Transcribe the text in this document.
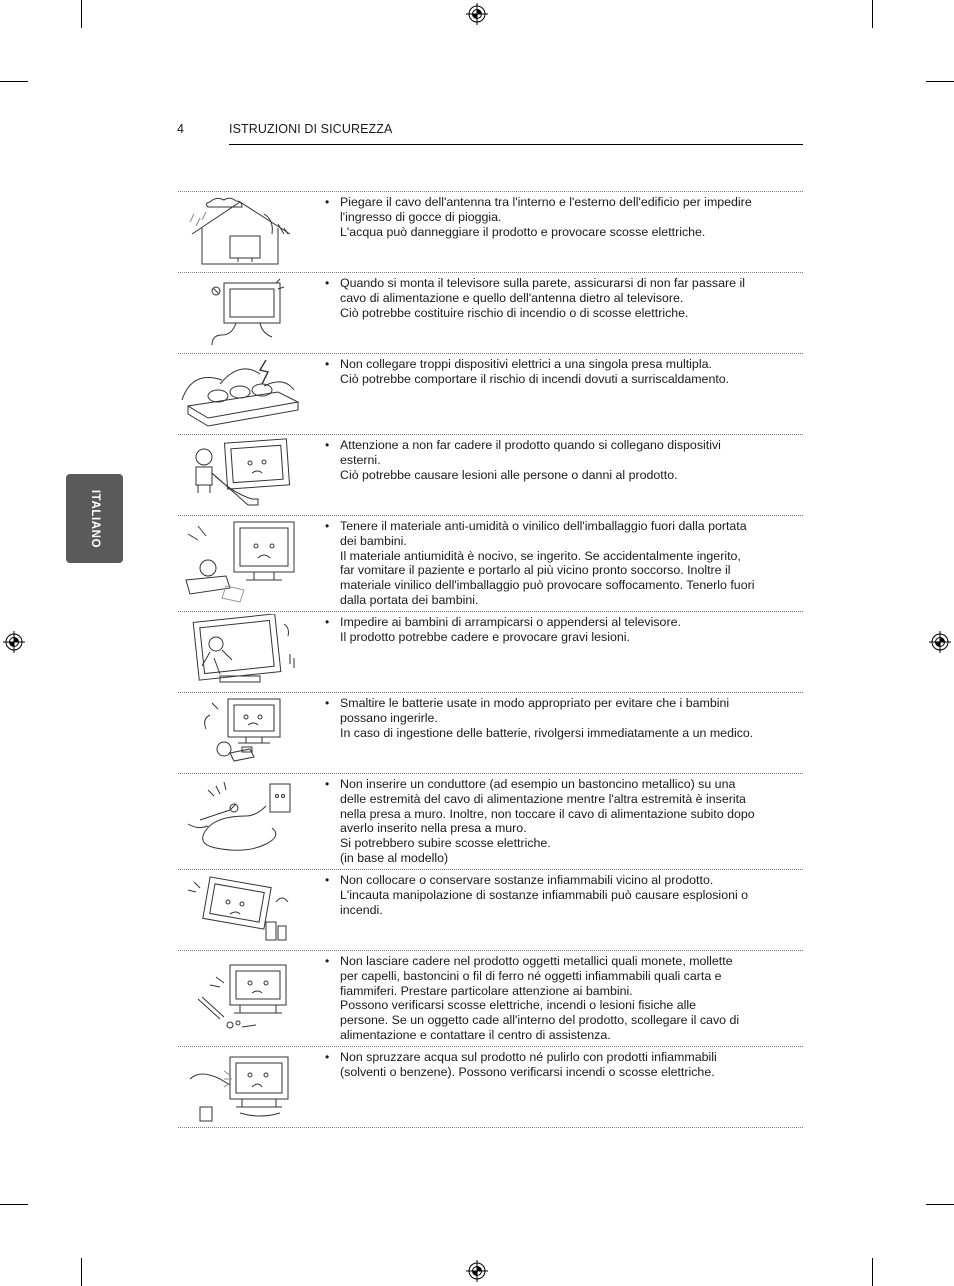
4	ISTRUZIONI DI SICUREZZA
ITALIANO
• Piegare il cavo dell'antenna tra l'interno e l'esterno dell'edificio per impedire
l'ingresso di gocce di pioggia.
L'acqua può danneggiare il prodotto e provocare scosse elettriche.
• Quando si monta il televisore sulla parete, assicurarsi di non far passare il
cavo di alimentazione e quello dell'antenna dietro al televisore.
Ciò potrebbe costituire rischio di incendio o di scosse elettriche.
• Non collegare troppi dispositivi elettrici a una singola presa multipla.
Ciò potrebbe comportare il rischio di incendi dovuti a surriscaldamento.
• Attenzione a non far cadere il prodotto quando si collegano dispositivi
esterni.
Ciò potrebbe causare lesioni alle persone o danni al prodotto.
• Tenere il materiale anti-umidità o vinilico dell'imballaggio fuori dalla portata
dei bambini.
Il materiale antiumidità è nocivo, se ingerito. Se accidentalmente ingerito,
far vomitare il paziente e portarlo al più vicino pronto soccorso. Inoltre il
materiale vinilico dell'imballaggio può provocare soffocamento. Tenerlo fuori
dalla portata dei bambini.
• Impedire ai bambini di arrampicarsi o appendersi al televisore.
Il prodotto potrebbe cadere e provocare gravi lesioni.
• Smaltire le batterie usate in modo appropriato per evitare che i bambini
possano ingerirle.
In caso di ingestione delle batterie, rivolgersi immediatamente a un medico.
• Non inserire un conduttore (ad esempio un bastoncino metallico) su una
delle estremità del cavo di alimentazione mentre l'altra estremità è inserita
nella presa a muro. Inoltre, non toccare il cavo di alimentazione subito dopo
averlo inserito nella presa a muro.
Si potrebbero subire scosse elettriche.
(in base al modello)
• Non collocare o conservare sostanze infiammabili vicino al prodotto.
L'incauta manipolazione di sostanze infiammabili può causare esplosioni o
incendi.
• Non lasciare cadere nel prodotto oggetti metallici quali monete, mollette
per capelli, bastoncini o fil di ferro né oggetti infiammabili quali carta e
fiammiferi. Prestare particolare attenzione ai bambini.
Possono verificarsi scosse elettriche, incendi o lesioni fisiche alle
persone. Se un oggetto cade all'interno del prodotto, scollegare il cavo di
alimentazione e contattare il centro di assistenza.
• Non spruzzare acqua sul prodotto né pulirlo con prodotti infiammabili
(solventi o benzene). Possono verificarsi incendi o scosse elettriche.
